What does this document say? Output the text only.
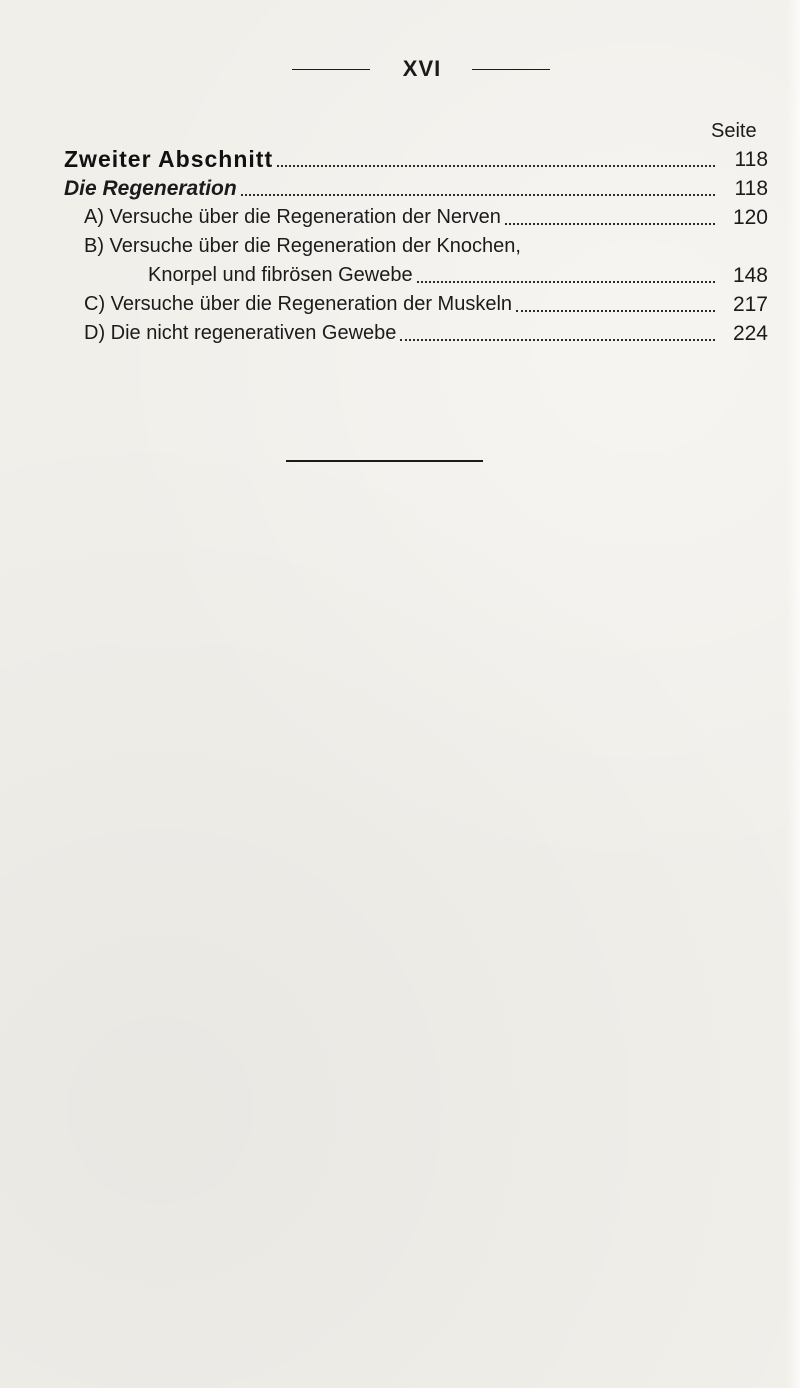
XVI
Seite
Zweiter Abschnitt	118
Die Regeneration	118
A) Versuche über die Regeneration der Nerven	120
B) Versuche über die Regeneration der Knochen,
Knorpel und fibrösen Gewebe	148
C) Versuche über die Regeneration der Muskeln	217
D) Die nicht regenerativen Gewebe	224
